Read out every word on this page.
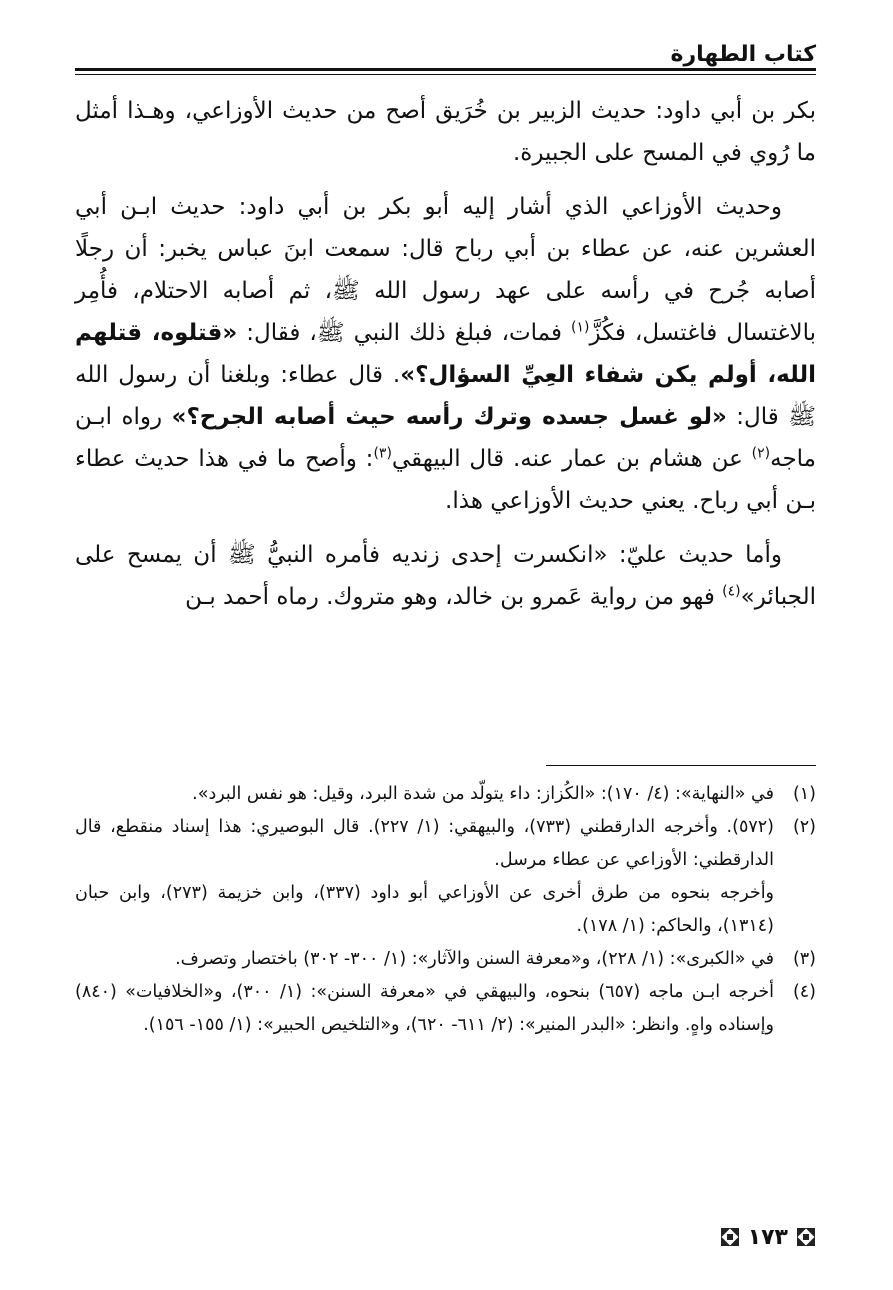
كتاب الطهارة

بكر بن أبي داود: حديث الزبير بن خُرَيق أصح من حديث الأوزاعي، وهـذا أمثل ما رُوي في المسح على الجبيرة.

وحديث الأوزاعي الذي أشار إليه أبو بكر بن أبي داود: حديث ابـن أبي العشرين عنه، عن عطاء بن أبي رباح قال: سمعت ابنَ عباس يخبر: أن رجلًا أصابه جُرح في رأسه على عهد رسول الله ﷺ، ثم أصابه الاحتلام، فأُمِر بالاغتسال فاغتسل، فكُزَّ$^{(١)}$ فمات، فبلغ ذلك النبي ﷺ، فقال: «قتلوه، قتلهم الله، أولم يكن شفاء العِيِّ السؤال؟». قال عطاء: وبلغنا أن رسول الله ﷺ قال: «لو غسل جسده وترك رأسه حيث أصابه الجرح؟» رواه ابـن ماجه$^{(٢)}$ عن هشام بن عمار عنه. قال البيهقي$^{(٣)}$: وأصح ما في هذا حديث عطاء بـن أبي رباح. يعني حديث الأوزاعي هذا.

وأما حديث عليّ: «انكسرت إحدى زنديه فأمره النبيُّ ﷺ أن يمسح على الجبائر»$^{(٤)}$ فهو من رواية عَمرو بن خالد، وهو متروك. رماه أحمد بـن

(١)
في «النهاية»: (٤/ ١٧٠): «الكُزاز: داء يتولّد من شدة البرد، وقيل: هو نفس البرد».
(٢)
(٥٧٢). وأخرجه الدارقطني (٧٣٣)، والبيهقي: (١/ ٢٢٧). قال البوصيري: هذا إسناد منقطع، قال الدارقطني: الأوزاعي عن عطاء مرسل.
وأخرجه بنحوه من طرق أخرى عن الأوزاعي أبو داود (٣٣٧)، وابن خزيمة (٢٧٣)، وابن حبان (١٣١٤)، والحاكم: (١/ ١٧٨).
(٣)
في «الكبرى»: (١/ ٢٢٨)، و«معرفة السنن والآثار»: (١/ ٣٠٠- ٣٠٢) باختصار وتصرف.
(٤)
أخرجه ابـن ماجه (٦٥٧) بنحوه، والبيهقي في «معرفة السنن»: (١/ ٣٠٠)، و«الخلافيات» (٨٤٠) وإسناده واهٍ. وانظر: «البدر المنير»: (٢/ ٦١١- ٦٢٠)، و«التلخيص الحبير»: (١/ ١٥٥- ١٥٦).
١٧٣
